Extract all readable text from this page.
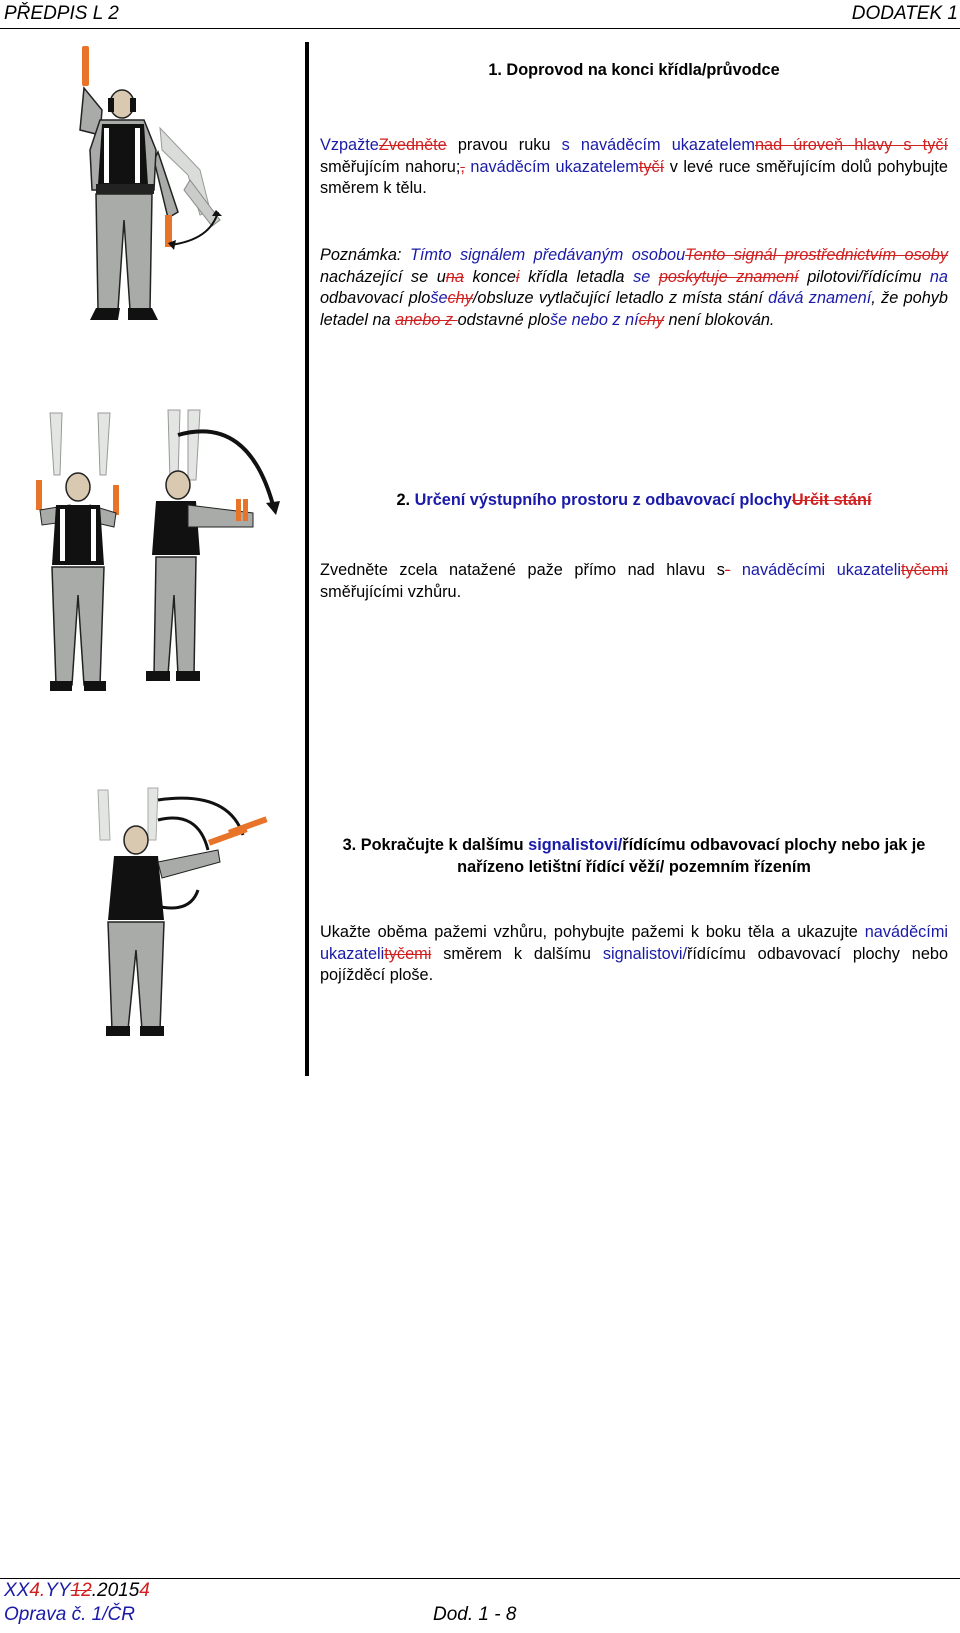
PŘEDPIS L 2	DODATEK 1
1. Doprovod na konci křídla/průvodce
VzpažteZvedněte pravou ruku s naváděcím ukazatelemnad úroveň hlavy s tyčí směřujícím nahoru;, naváděcím ukazatelemtyčí v levé ruce směřujícím dolů pohybujte směrem k tělu.
Poznámka: Tímto signálem předávaným osobouTento signál prostřednictvím osoby nacházející se una koncei křídla letadla se poskytuje znamení pilotovi/řídícímu na odbavovací plošechy/obsluze vytlačující letadlo z místa stání dává znamení, že pohyb letadel na anebo z odstavné ploše nebo z níchy není blokován.
2. Určení výstupního prostoru z odbavovací plochyUrčit stání
Zvedněte zcela natažené paže přímo nad hlavu s- naváděcími ukazatelityčemi směřujícími vzhůru.
3. Pokračujte k dalšímu signalistovi/řídícímu odbavovací plochy nebo jak je nařízeno letištní řídící věží/ pozemním řízením
Ukažte oběma pažemi vzhůru, pohybujte pažemi k boku těla a ukazujte naváděcími ukazatelityčemi směrem k dalšímu signalistovi/řídícímu odbavovací plochy nebo pojížděcí ploše.
XX4.YY12.20154
Oprava č. 1/ČR	Dod. 1 - 8
